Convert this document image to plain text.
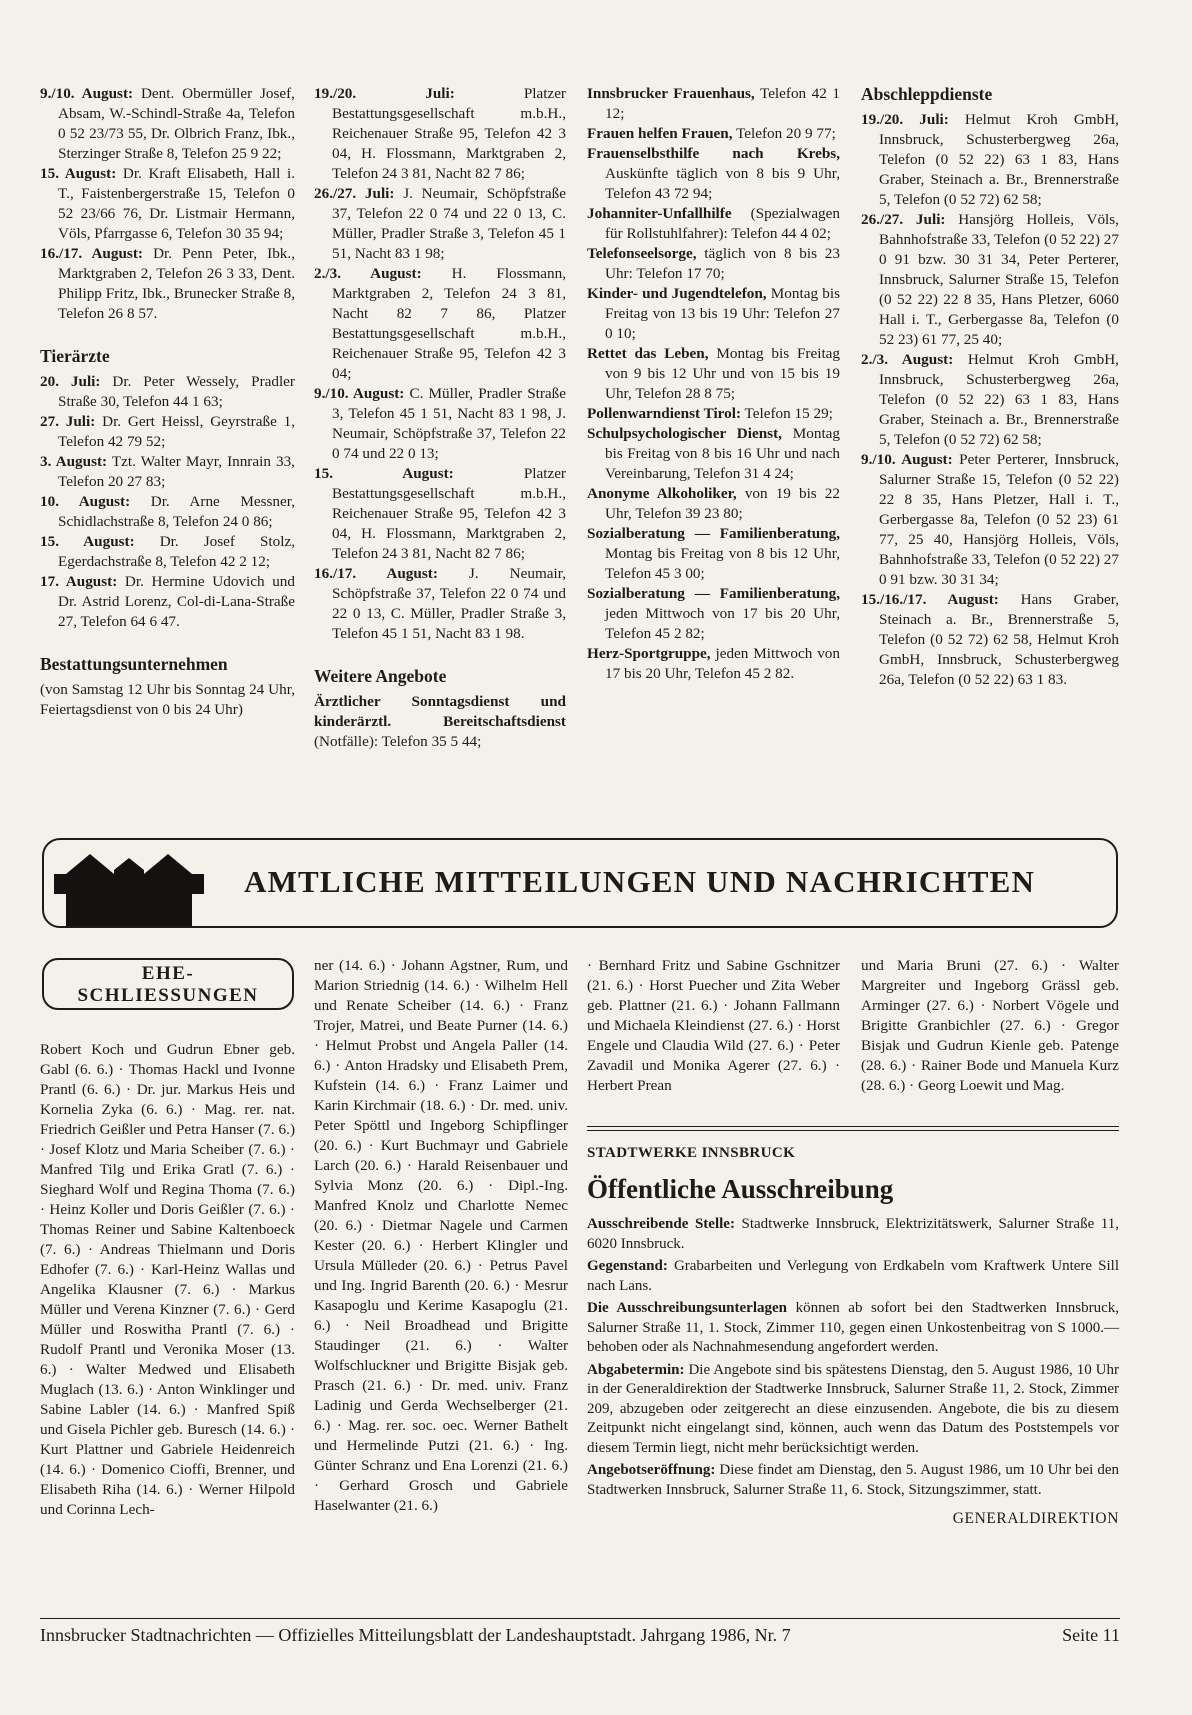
9./10. August: Dent. Obermüller Josef, Absam, W.-Schindl-Straße 4a, Telefon 0 52 23/73 55, Dr. Olbrich Franz, Ibk., Sterzinger Straße 8, Telefon 25 9 22;

15. August: Dr. Kraft Elisabeth, Hall i. T., Faistenbergerstraße 15, Telefon 0 52 23/66 76, Dr. Listmair Hermann, Völs, Pfarrgasse 6, Telefon 30 35 94;

16./17. August: Dr. Penn Peter, Ibk., Marktgraben 2, Telefon 26 3 33, Dent. Philipp Fritz, Ibk., Brunecker Straße 8, Telefon 26 8 57.

Tierärzte

20. Juli: Dr. Peter Wessely, Pradler Straße 30, Telefon 44 1 63;

27. Juli: Dr. Gert Heissl, Geyrstraße 1, Telefon 42 79 52;

3. August: Tzt. Walter Mayr, Innrain 33, Telefon 20 27 83;

10. August: Dr. Arne Messner, Schidlachstraße 8, Telefon 24 0 86;

15. August: Dr. Josef Stolz, Egerdachstraße 8, Telefon 42 2 12;

17. August: Dr. Hermine Udovich und Dr. Astrid Lorenz, Col-di-Lana-Straße 27, Telefon 64 6 47.

Bestattungsunternehmen

(von Samstag 12 Uhr bis Sonntag 24 Uhr, Feiertagsdienst von 0 bis 24 Uhr)

19./20. Juli: Platzer Bestattungsgesellschaft m.b.H., Reichenauer Straße 95, Telefon 42 3 04, H. Flossmann, Marktgraben 2, Telefon 24 3 81, Nacht 82 7 86;

26./27. Juli: J. Neumair, Schöpfstraße 37, Telefon 22 0 74 und 22 0 13, C. Müller, Pradler Straße 3, Telefon 45 1 51, Nacht 83 1 98;

2./3. August: H. Flossmann, Marktgraben 2, Telefon 24 3 81, Nacht 82 7 86, Platzer Bestattungsgesellschaft m.b.H., Reichenauer Straße 95, Telefon 42 3 04;

9./10. August: C. Müller, Pradler Straße 3, Telefon 45 1 51, Nacht 83 1 98, J. Neumair, Schöpfstraße 37, Telefon 22 0 74 und 22 0 13;

15. August: Platzer Bestattungsgesellschaft m.b.H., Reichenauer Straße 95, Telefon 42 3 04, H. Flossmann, Marktgraben 2, Telefon 24 3 81, Nacht 82 7 86;

16./17. August: J. Neumair, Schöpfstraße 37, Telefon 22 0 74 und 22 0 13, C. Müller, Pradler Straße 3, Telefon 45 1 51, Nacht 83 1 98.

Weitere Angebote

Ärztlicher Sonntagsdienst und kinderärztl. Bereitschaftsdienst (Notfälle): Telefon 35 5 44;

Innsbrucker Frauenhaus, Telefon 42 1 12;

Frauen helfen Frauen, Telefon 20 9 77;

Frauenselbsthilfe nach Krebs, Auskünfte täglich von 8 bis 9 Uhr, Telefon 43 72 94;

Johanniter-Unfallhilfe (Spezialwagen für Rollstuhlfahrer): Telefon 44 4 02;

Telefonseelsorge, täglich von 8 bis 23 Uhr: Telefon 17 70;

Kinder- und Jugendtelefon, Montag bis Freitag von 13 bis 19 Uhr: Telefon 27 0 10;

Rettet das Leben, Montag bis Freitag von 9 bis 12 Uhr und von 15 bis 19 Uhr, Telefon 28 8 75;

Pollenwarndienst Tirol: Telefon 15 29;

Schulpsychologischer Dienst, Montag bis Freitag von 8 bis 16 Uhr und nach Vereinbarung, Telefon 31 4 24;

Anonyme Alkoholiker, von 19 bis 22 Uhr, Telefon 39 23 80;

Sozialberatung — Familienberatung, Montag bis Freitag von 8 bis 12 Uhr, Telefon 45 3 00;

Sozialberatung — Familienberatung, jeden Mittwoch von 17 bis 20 Uhr, Telefon 45 2 82;

Herz-Sportgruppe, jeden Mittwoch von 17 bis 20 Uhr, Telefon 45 2 82.

Abschleppdienste

19./20. Juli: Helmut Kroh GmbH, Innsbruck, Schusterbergweg 26a, Telefon (0 52 22) 63 1 83, Hans Graber, Steinach a. Br., Brennerstraße 5, Telefon (0 52 72) 62 58;

26./27. Juli: Hansjörg Holleis, Völs, Bahnhofstraße 33, Telefon (0 52 22) 27 0 91 bzw. 30 31 34, Peter Perterer, Innsbruck, Salurner Straße 15, Telefon (0 52 22) 22 8 35, Hans Pletzer, 6060 Hall i. T., Gerbergasse 8a, Telefon (0 52 23) 61 77, 25 40;

2./3. August: Helmut Kroh GmbH, Innsbruck, Schusterbergweg 26a, Telefon (0 52 22) 63 1 83, Hans Graber, Steinach a. Br., Brennerstraße 5, Telefon (0 52 72) 62 58;

9./10. August: Peter Perterer, Innsbruck, Salurner Straße 15, Telefon (0 52 22) 22 8 35, Hans Pletzer, Hall i. T., Gerbergasse 8a, Telefon (0 52 23) 61 77, 25 40, Hansjörg Holleis, Völs, Bahnhofstraße 33, Telefon (0 52 22) 27 0 91 bzw. 30 31 34;

15./16./17. August: Hans Graber, Steinach a. Br., Brennerstraße 5, Telefon (0 52 72) 62 58, Helmut Kroh GmbH, Innsbruck, Schusterbergweg 26a, Telefon (0 52 22) 63 1 83.

AMTLICHE MITTEILUNGEN UND NACHRICHTEN
EHE-
SCHLIESSUNGEN
Robert Koch und Gudrun Ebner geb. Gabl (6. 6.) · Thomas Hackl und Ivonne Prantl (6. 6.) · Dr. jur. Markus Heis und Kornelia Zyka (6. 6.) · Mag. rer. nat. Friedrich Geißler und Petra Hanser (7. 6.) · Josef Klotz und Maria Scheiber (7. 6.) · Manfred Tilg und Erika Gratl (7. 6.) · Sieghard Wolf und Regina Thoma (7. 6.) · Heinz Koller und Doris Geißler (7. 6.) · Thomas Reiner und Sabine Kaltenboeck (7. 6.) · Andreas Thielmann und Doris Edhofer (7. 6.) · Karl-Heinz Wallas und Angelika Klausner (7. 6.) · Markus Müller und Verena Kinzner (7. 6.) · Gerd Müller und Roswitha Prantl (7. 6.) · Rudolf Prantl und Veronika Moser (13. 6.) · Walter Medwed und Elisabeth Muglach (13. 6.) · Anton Winklinger und Sabine Labler (14. 6.) · Manfred Spiß und Gisela Pichler geb. Buresch (14. 6.) · Kurt Plattner und Gabriele Heidenreich (14. 6.) · Domenico Cioffi, Brenner, und Elisabeth Riha (14. 6.) · Werner Hilpold und Corinna Lech-
ner (14. 6.) · Johann Agstner, Rum, und Marion Striednig (14. 6.) · Wilhelm Hell und Renate Scheiber (14. 6.) · Franz Trojer, Matrei, und Beate Purner (14. 6.) · Helmut Probst und Angela Paller (14. 6.) · Anton Hradsky und Elisabeth Prem, Kufstein (14. 6.) · Franz Laimer und Karin Kirchmair (18. 6.) · Dr. med. univ. Peter Spöttl und Ingeborg Schipflinger (20. 6.) · Kurt Buchmayr und Gabriele Larch (20. 6.) · Harald Reisenbauer und Sylvia Monz (20. 6.) · Dipl.-Ing. Manfred Knolz und Charlotte Nemec (20. 6.) · Dietmar Nagele und Carmen Kester (20. 6.) · Herbert Klingler und Ursula Mülleder (20. 6.) · Petrus Pavel und Ing. Ingrid Barenth (20. 6.) · Mesrur Kasapoglu und Kerime Kasapoglu (21. 6.) · Neil Broadhead und Brigitte Staudinger (21. 6.) · Walter Wolfschluckner und Brigitte Bisjak geb. Prasch (21. 6.) · Dr. med. univ. Franz Ladinig und Gerda Wechselberger (21. 6.) · Mag. rer. soc. oec. Werner Bathelt und Hermelinde Putzi (21. 6.) · Ing. Günter Schranz und Ena Lorenzi (21. 6.) · Gerhard Grosch und Gabriele Haselwanter (21. 6.)
· Bernhard Fritz und Sabine Gschnitzer (21. 6.) · Horst Puecher und Zita Weber geb. Plattner (21. 6.) · Johann Fallmann und Michaela Kleindienst (27. 6.) · Horst Engele und Claudia Wild (27. 6.) · Peter Zavadil und Monika Agerer (27. 6.) · Herbert Prean
und Maria Bruni (27. 6.) · Walter Margreiter und Ingeborg Grässl geb. Arminger (27. 6.) · Norbert Vögele und Brigitte Granbichler (27. 6.) · Gregor Bisjak und Gudrun Kienle geb. Patenge (28. 6.) · Rainer Bode und Manuela Kurz (28. 6.) · Georg Loewit und Mag.
STADTWERKE INNSBRUCK
Öffentliche Ausschreibung

Ausschreibende Stelle: Stadtwerke Innsbruck, Elektrizitätswerk, Salurner Straße 11, 6020 Innsbruck.

Gegenstand: Grabarbeiten und Verlegung von Erdkabeln vom Kraftwerk Untere Sill nach Lans.

Die Ausschreibungsunterlagen können ab sofort bei den Stadtwerken Innsbruck, Salurner Straße 11, 1. Stock, Zimmer 110, gegen einen Unkostenbeitrag von S 1000.— behoben oder als Nachnahmesendung angefordert werden.

Abgabetermin: Die Angebote sind bis spätestens Dienstag, den 5. August 1986, 10 Uhr in der Generaldirektion der Stadtwerke Innsbruck, Salurner Straße 11, 2. Stock, Zimmer 209, abzugeben oder zeitgerecht an diese einzusenden. Angebote, die bis zu diesem Zeitpunkt nicht eingelangt sind, können, auch wenn das Datum des Poststempels vor diesem Termin liegt, nicht mehr berücksichtigt werden.

Angebotseröffnung: Diese findet am Dienstag, den 5. August 1986, um 10 Uhr bei den Stadtwerken Innsbruck, Salurner Straße 11, 6. Stock, Sitzungszimmer, statt.

GENERALDIREKTION
Innsbrucker Stadtnachrichten — Offizielles Mitteilungsblatt der Landeshauptstadt. Jahrgang 1986, Nr. 7	Seite 11
